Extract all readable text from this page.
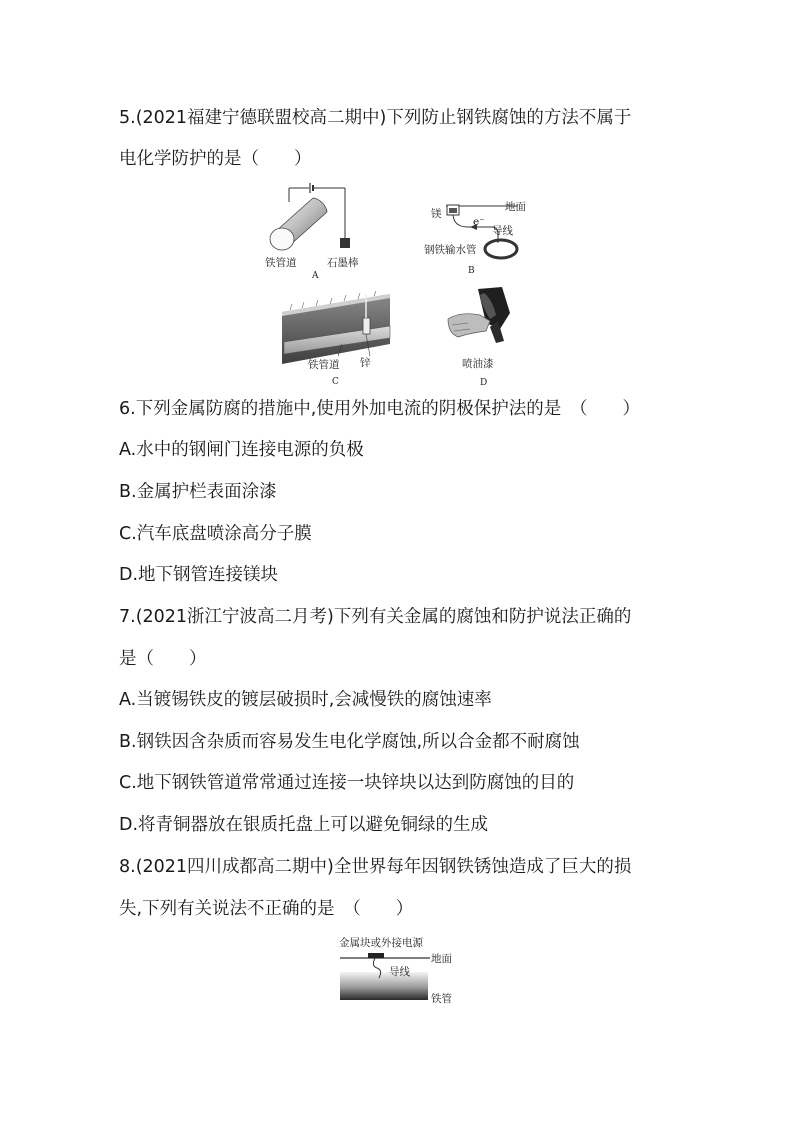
5.(2021福建宁德联盟校高二期中)下列防止钢铁腐蚀的方法不属于
电化学防护的是（　　）
铁管道	石墨棒
A
镁
地面
e⁻
导线
钢铁输水管
B
铁管道 锌
C
喷油漆
D
6.下列金属防腐的措施中,使用外加电流的阴极保护法的是　（　　）
A.水中的钢闸门连接电源的负极
B.金属护栏表面涂漆
C.汽车底盘喷涂高分子膜
D.地下钢管连接镁块
7.(2021浙江宁波高二月考)下列有关金属的腐蚀和防护说法正确的
是（　　）
A.当镀锡铁皮的镀层破损时,会减慢铁的腐蚀速率
B.钢铁因含杂质而容易发生电化学腐蚀,所以合金都不耐腐蚀
C.地下钢铁管道常常通过连接一块锌块以达到防腐蚀的目的
D.将青铜器放在银质托盘上可以避免铜绿的生成
8.(2021四川成都高二期中)全世界每年因钢铁锈蚀造成了巨大的损
失,下列有关说法不正确的是　（　　）
金属块或外接电源
地面
导线
铁管
